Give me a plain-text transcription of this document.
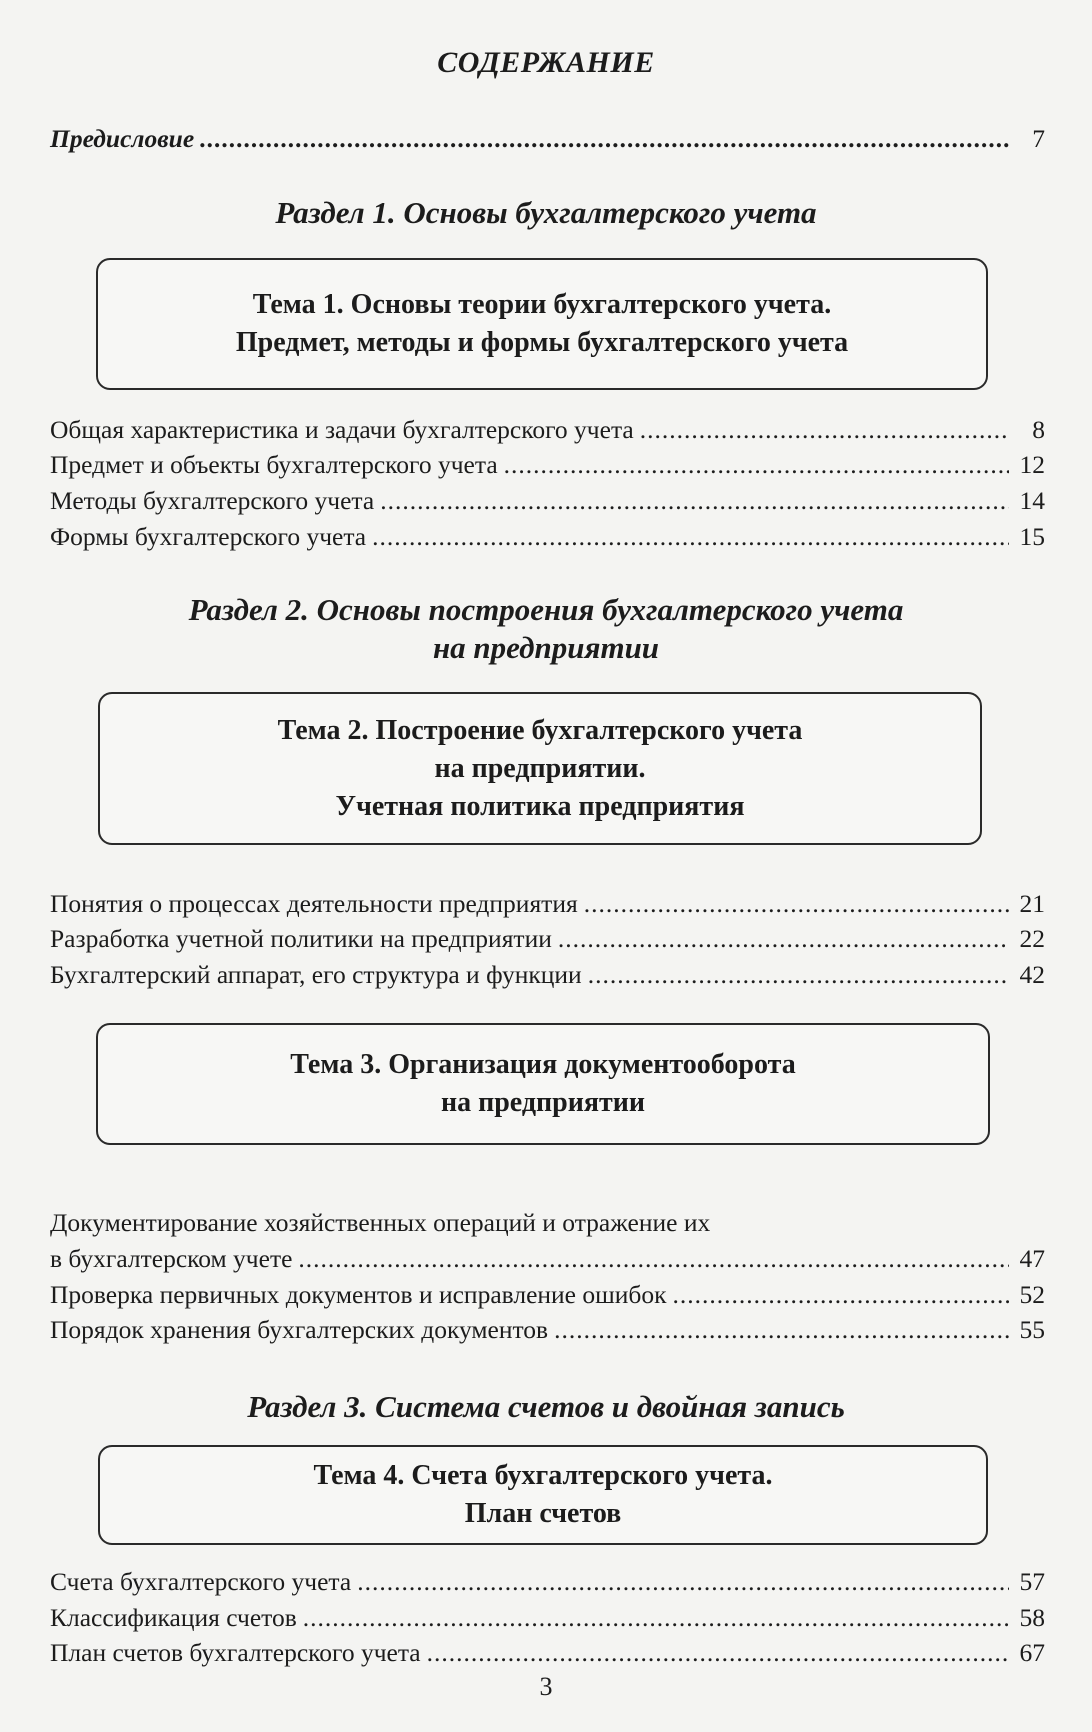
СОДЕРЖАНИЕ
Предисловие .....	7
Раздел 1. Основы бухгалтерского учета
Тема 1. Основы теории бухгалтерского учета.
Предмет, методы и формы бухгалтерского учета
Общая характеристика и задачи бухгалтерского учета .....	8
Предмет и объекты бухгалтерского учета .....	12
Методы бухгалтерского учета .....	14
Формы бухгалтерского учета .....	15
Раздел 2. Основы построения бухгалтерского учета
на предприятии
Тема 2. Построение бухгалтерского учета
на предприятии.
Учетная политика предприятия
Понятия о процессах деятельности предприятия .....	21
Разработка учетной политики на предприятии .....	22
Бухгалтерский аппарат, его структура и функции .....	42
Тема 3. Организация документооборота
на предприятии
Документирование хозяйственных операций и отражение их
в бухгалтерском учете .....	47
Проверка первичных документов и исправление ошибок .....	52
Порядок хранения бухгалтерских документов .....	55
Раздел 3. Система счетов и двойная запись
Тема 4. Счета бухгалтерского учета.
План счетов
Счета бухгалтерского учета .....	57
Классификация счетов .....	58
План счетов бухгалтерского учета .....	67
3
